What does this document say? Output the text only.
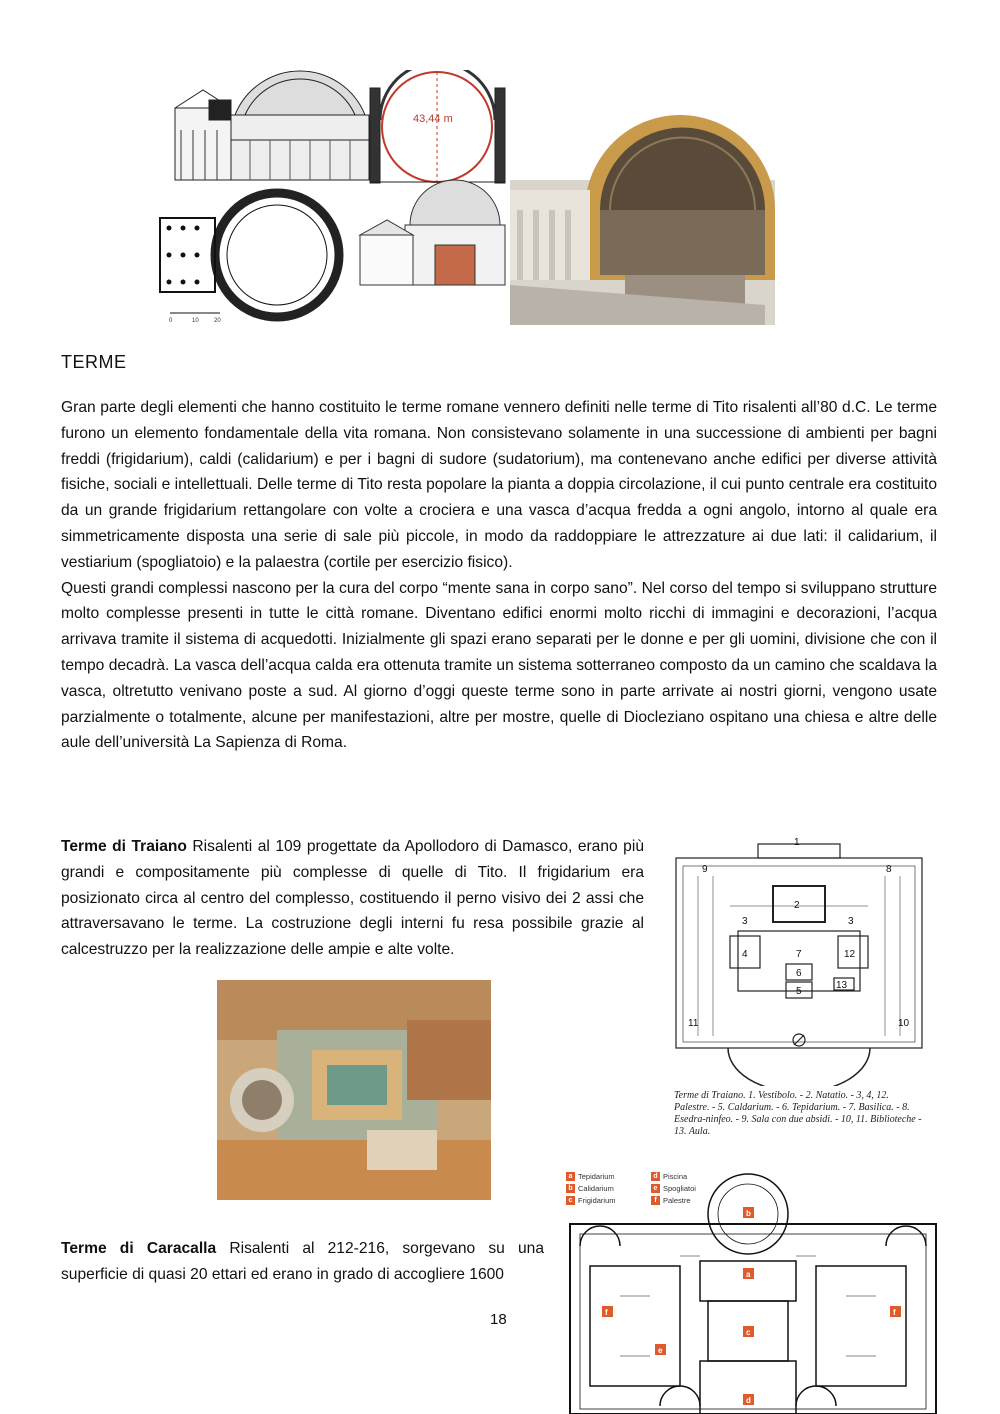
43,44 m
0	10	20
TERME

Gran parte degli elementi che hanno costituito le terme romane vennero definiti nelle terme di Tito risalenti all’80 d.C. Le terme furono un elemento fondamentale della vita romana. Non consistevano solamente in una successione di ambienti per bagni freddi (frigidarium), caldi (calidarium) e per i bagni di sudore (sudatorium), ma contenevano anche edifici per diverse attività fisiche, sociali e intellettuali. Delle terme di Tito resta popolare la pianta a doppia circolazione, il cui punto centrale era costituito da un grande frigidarium rettangolare con volte a crociera e una vasca d’acqua fredda a ogni angolo, intorno al quale era simmetricamente disposta una serie di sale più piccole, in modo da raddoppiare le attrezzature ai due lati: il calidarium, il vestiarium (spogliatoio) e la palaestra (cortile per esercizio fisico).

Questi grandi complessi nascono per la cura del corpo “mente sana in corpo sano”. Nel corso del tempo si sviluppano strutture molto complesse presenti in tutte le città romane. Diventano edifici enormi molto ricchi di immagini e decorazioni, l’acqua arrivava tramite il sistema di acquedotti. Inizialmente gli spazi erano separati per le donne e per gli uomini, divisione che con il tempo decadrà. La vasca dell’acqua calda era ottenuta tramite un sistema sotterraneo composto da un camino che scaldava la vasca, oltretutto venivano poste a sud. Al giorno d’oggi queste terme sono in parte arrivate ai nostri giorni, vengono usate parzialmente o totalmente, alcune per manifestazioni, altre per mostre, quelle di Diocleziano ospitano una chiesa e altre delle aule dell’università La Sapienza di Roma.

Terme di Traiano Risalenti al 109 progettate da Apollodoro di Damasco, erano più grandi e compositamente più complesse di quelle di Tito. Il frigidarium era posizionato circa al centro del complesso, costituendo il perno visivo dei 2 assi che attraversavano le terme. La costruzione degli interni fu resa possibile grazie al calcestruzzo per la realizzazione delle ampie e alte volte.

1
2
3	3
4	12
7
6
5
13
8
9
11	10
Terme di Traiano. 1. Vestibolo. - 2. Natatio. - 3, 4, 12. Palestre. - 5. Caldarium. - 6. Tepidarium. - 7. Basilica. - 8. Esedra-ninfeo. - 9. Sala con due absidi. - 10, 11. Biblioteche - 13. Aula.
a Tepidarium	d Piscina
b Calidarium	e Spogliatoi
c Frigidarium	f Palestre
b
a
c
e
f	f
d

Terme di Caracalla Risalenti al 212-216, sorgevano su una superficie di quasi 20 ettari ed erano in grado di accogliere 1600

18
